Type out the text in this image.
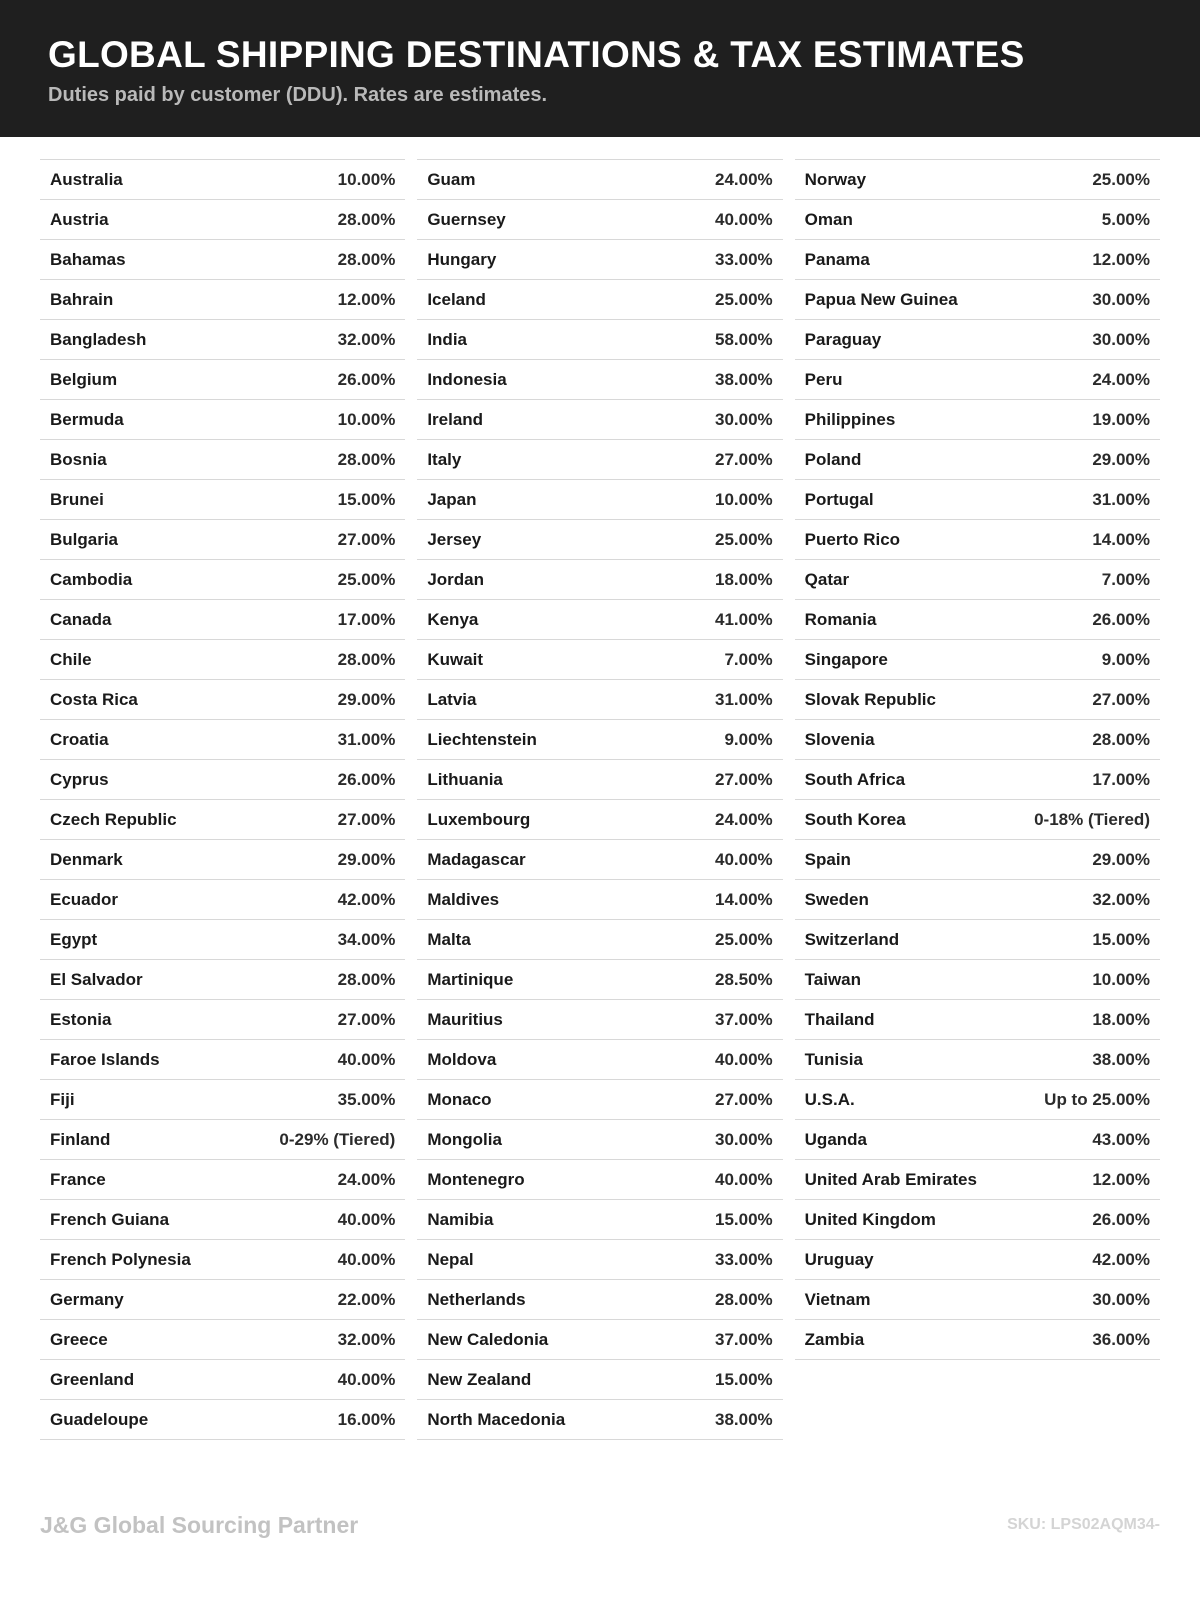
GLOBAL SHIPPING DESTINATIONS & TAX ESTIMATES

Duties paid by customer (DDU). Rates are estimates.

Australia	10.00%
Austria	28.00%
Bahamas	28.00%
Bahrain	12.00%
Bangladesh	32.00%
Belgium	26.00%
Bermuda	10.00%
Bosnia	28.00%
Brunei	15.00%
Bulgaria	27.00%
Cambodia	25.00%
Canada	17.00%
Chile	28.00%
Costa Rica	29.00%
Croatia	31.00%
Cyprus	26.00%
Czech Republic	27.00%
Denmark	29.00%
Ecuador	42.00%
Egypt	34.00%
El Salvador	28.00%
Estonia	27.00%
Faroe Islands	40.00%
Fiji	35.00%
Finland	0-29% (Tiered)
France	24.00%
French Guiana	40.00%
French Polynesia	40.00%
Germany	22.00%
Greece	32.00%
Greenland	40.00%
Guadeloupe	16.00%
Guam	24.00%
Guernsey	40.00%
Hungary	33.00%
Iceland	25.00%
India	58.00%
Indonesia	38.00%
Ireland	30.00%
Italy	27.00%
Japan	10.00%
Jersey	25.00%
Jordan	18.00%
Kenya	41.00%
Kuwait	7.00%
Latvia	31.00%
Liechtenstein	9.00%
Lithuania	27.00%
Luxembourg	24.00%
Madagascar	40.00%
Maldives	14.00%
Malta	25.00%
Martinique	28.50%
Mauritius	37.00%
Moldova	40.00%
Monaco	27.00%
Mongolia	30.00%
Montenegro	40.00%
Namibia	15.00%
Nepal	33.00%
Netherlands	28.00%
New Caledonia	37.00%
New Zealand	15.00%
North Macedonia	38.00%
Norway	25.00%
Oman	5.00%
Panama	12.00%
Papua New Guinea	30.00%
Paraguay	30.00%
Peru	24.00%
Philippines	19.00%
Poland	29.00%
Portugal	31.00%
Puerto Rico	14.00%
Qatar	7.00%
Romania	26.00%
Singapore	9.00%
Slovak Republic	27.00%
Slovenia	28.00%
South Africa	17.00%
South Korea	0-18% (Tiered)
Spain	29.00%
Sweden	32.00%
Switzerland	15.00%
Taiwan	10.00%
Thailand	18.00%
Tunisia	38.00%
U.S.A.	Up to 25.00%
Uganda	43.00%
United Arab Emirates	12.00%
United Kingdom	26.00%
Uruguay	42.00%
Vietnam	30.00%
Zambia	36.00%
J&G Global Sourcing Partner	SKU: LPS02AQM34-
